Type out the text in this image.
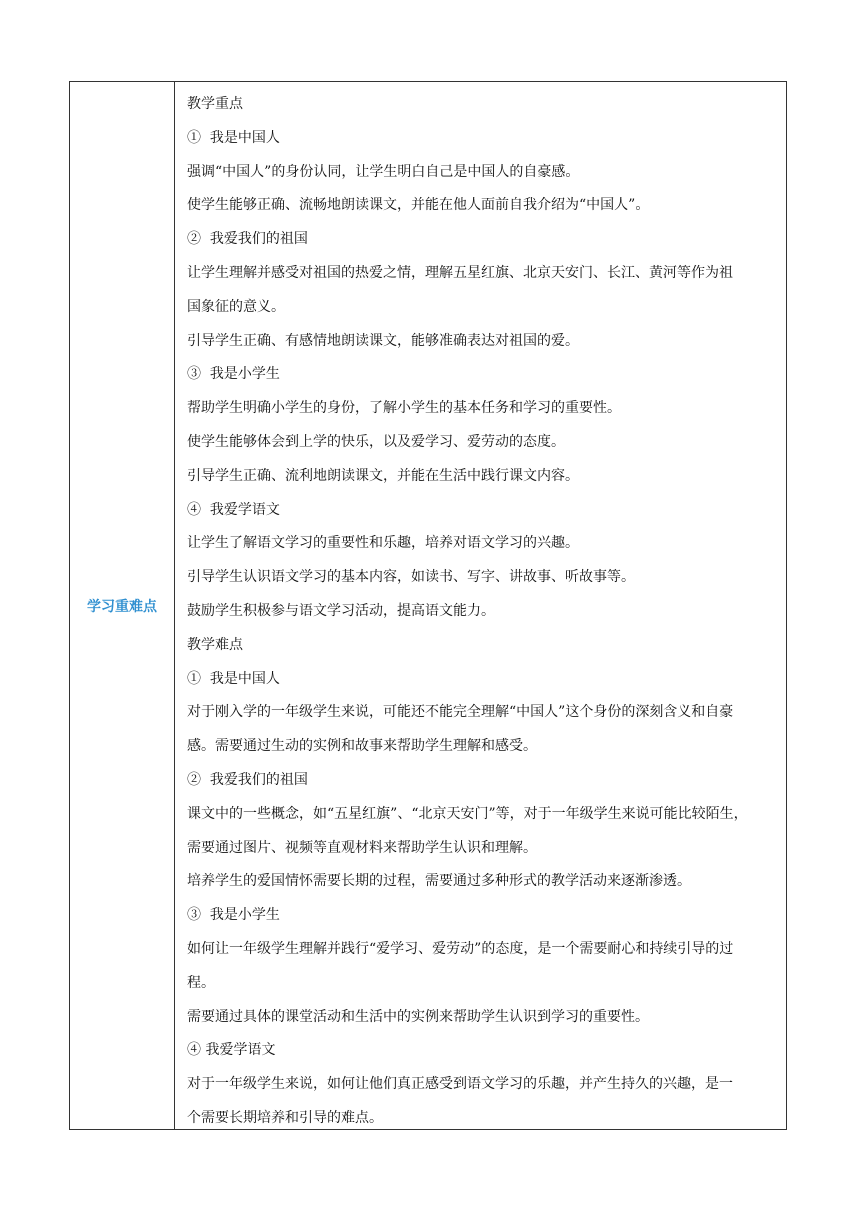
学习重难点

教学重点

①  我是中国人

强调“中国人”的身份认同，让学生明白自己是中国人的自豪感。

使学生能够正确、流畅地朗读课文，并能在他人面前自我介绍为“中国人”。

②  我爱我们的祖国

让学生理解并感受对祖国的热爱之情，理解五星红旗、北京天安门、长江、黄河等作为祖

国象征的意义。

引导学生正确、有感情地朗读课文，能够准确表达对祖国的爱。

③  我是小学生

帮助学生明确小学生的身份，了解小学生的基本任务和学习的重要性。

使学生能够体会到上学的快乐，以及爱学习、爱劳动的态度。

引导学生正确、流利地朗读课文，并能在生活中践行课文内容。

④  我爱学语文

让学生了解语文学习的重要性和乐趣，培养对语文学习的兴趣。

引导学生认识语文学习的基本内容，如读书、写字、讲故事、听故事等。

鼓励学生积极参与语文学习活动，提高语文能力。

教学难点

①  我是中国人

对于刚入学的一年级学生来说，可能还不能完全理解“中国人”这个身份的深刻含义和自豪

感。需要通过生动的实例和故事来帮助学生理解和感受。

②  我爱我们的祖国

课文中的一些概念，如“五星红旗”、“北京天安门”等，对于一年级学生来说可能比较陌生，

需要通过图片、视频等直观材料来帮助学生认识和理解。

培养学生的爱国情怀需要长期的过程，需要通过多种形式的教学活动来逐渐渗透。

③  我是小学生

如何让一年级学生理解并践行“爱学习、爱劳动”的态度，是一个需要耐心和持续引导的过

程。

需要通过具体的课堂活动和生活中的实例来帮助学生认识到学习的重要性。

④ 我爱学语文

对于一年级学生来说，如何让他们真正感受到语文学习的乐趣，并产生持久的兴趣，是一

个需要长期培养和引导的难点。
